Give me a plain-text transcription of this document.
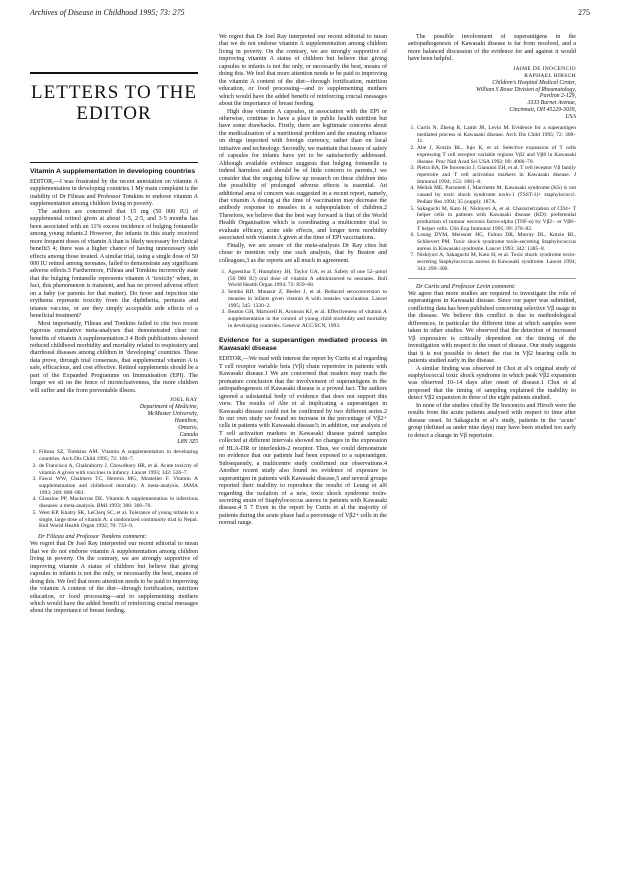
Archives of Disease in Childhood 1995; 73: 275	275
LETTERS TO THE EDITOR
Vitamin A supplementation in developing countries

EDITOR,—I was frustrated by the recent annotation on vitamin A supplementation in developing countries.1 My main complaint is the inability of Dr Filteau and Professor Tomkins to endorse vitamin A supplementation among children living in poverty.

The authors are concerned that 15 mg (50 000 IU) of supplemental retinol given at about 1·5, 2·5, and 3·5 months has been associated with an 11% excess incidence of bulging fontanelle among young infants.2 However, the infants in this study received more frequent doses of vitamin A than is likely necessary for clinical benefit3 4; there was a higher chance of having unnecessary side effects among those treated. A similar trial, using a single dose of 50 000 IU retinol among neonates, failed to demonstrate any significant adverse effects.5 Furthermore, Filteau and Tomkins incorrectly state that the bulging fontanelle represents vitamin A ‘toxicity’ when, in fact, this phenomenon is transient, and has no proved adverse effect on a baby (or parents for that matter). Do fever and injection site erythema represent toxicity from the diphtheria, pertussis and tetanus vaccine, or are they simply acceptable side effects of a beneficial treatment?

Most importantly, Filteau and Tomkins failed to cite two recent rigorous cumulative meta-analyses that demonstrated clear cut benefits of vitamin A supplementation.3 4 Both publications showed reduced childhood morbidity and mortality related to respiratory and diarrhoeal diseases among children in ‘developing’ countries. These data prove, through trial consensus, that supplemental vitamin A is safe, efficacious, and cost effective. Retinol supplements should be a part of the Expanded Programme on Immunisation (EPI). The longer we sit on the fence of inconclusiveness, the more children will suffer and die from preventable illness.

JOEL RAY
Department of Medicine,
McMaster University,
Hamilton,
Ontario,
Canada
L8N 3Z5
1. Filteau SZ, Tomkins AM. Vitamin A supplementation in developing countries. Arch Dis Child 1995; 72: 106–7.
2. de Francisco A, Chakraborty J, Chowdhury HR, et al. Acute toxicity of vitamin A given with vaccines in infancy. Lancet 1993; 342: 526–7.
3. Fawzi WW, Chalmers TC, Herrera MG, Mosteller F. Vitamin A supplementation and childhood mortality. A meta-analysis. JAMA 1993; 269: 898–903.
4. Glasziou PP, Mackerras DE. Vitamin A supplementation in infectious diseases: a meta-analysis. BMJ 1993; 306: 366–70.
5. West KP, Khatry SK, LeClerq SC, et al. Tolerance of young infants to a single, large dose of vitamin A: a randomized community trial in Nepal. Bull World Health Organ 1992; 70: 733–9.

Dr Filteau and Professor Tomkins comment:

We regret that Dr Joel Ray interpreted our recent editorial to mean that we do not endorse vitamin A supplementation among children living in poverty. On the contrary, we are strongly supportive of improving vitamin A status of children but believe that giving capsules to infants is not the only, or necessarily the best, means of doing this. We feel that more attention needs to be paid to improving the vitamin A content of the diet—through fortification, nutrition education, or food processing—and to supplementing mothers which would have the added benefit of reinforcing crucial messages about the importance of breast feeding.

We regret that Dr Joel Ray interpreted our recent editorial to mean that we do not endorse vitamin A supplementation among children living in poverty. On the contrary, we are strongly supportive of improving vitamin A status of children but believe that giving capsules to infants is not the only, or necessarily the best, means of doing this. We feel that more attention needs to be paid to improving the vitamin A content of the diet—through fortification, nutrition education, or food processing—and to supplementing mothers which would have the added benefit of reinforcing crucial messages about the importance of breast feeding.

High dose vitamin A capsules, in association with the EPI or otherwise, continue to have a place in public health nutrition but have some drawbacks. Firstly, there are legitimate concerns about the medicalisation of a nutritional problem and the ensuing reliance on drugs imported with foreign currency, rather than on local initiative and technology. Secondly, we maintain that issues of safety of capsules for infants have yet to be satisfactorily addressed. Although available evidence suggests that bulging fontanelle is indeed harmless and should be of little concern to parents,1 we consider that the ongoing follow up research on these children into the possibility of prolonged adverse effects is essential. An additional area of concern was suggested in a recent report, namely, that vitamin A dosing at the time of vaccination may decrease the antibody response to measles in a subpopulation of children.2 Therefore, we believe that the best way forward is that of the World Health Organisation which is coordinating a multicentre trial to evaluate efficacy, acute side effects, and longer term morbidity associated with vitamin A given at the time of EPI vaccinations.

Finally, we are aware of the meta-analyses Dr Ray cites but chose to mention only one such analysis, that by Beaton and colleagues,3 as the reports are all much in agreement.

1. Agoestina T, Humphrey JH, Taylor GA, et al. Safety of one 52–µmol (50 000 IU) oral dose of vitamin A administered to neonates. Bull World Health Organ 1994; 72: 859–68.
2. Semba RD, Munasir Z, Beeler J, et al. Reduced seroconversion to measles in infants given vitamin A with measles vaccination. Lancet 1995; 345: 1330–2.
3. Beaton GH, Martorell R, Aronson KJ, et al. Effectiveness of vitamin A supplementation in the control of young child morbidity and mortality in developing countries. Geneva: ACC/SCN, 1993.
Evidence for a superantigen mediated process in Kawasaki disease

EDITOR,—We read with interest the report by Curtis et al regarding T cell receptor variable beta (Vβ) chain repertoire in patients with Kawasaki disease.1 We are concerned that readers may reach the premature conclusion that the involvement of superantigens in the aetiopathogenesis of Kawasaki disease is a proved fact. The authors ignored a substantial body of evidence that does not support this view. The results of Abe et al implicating a superantigen in Kawasaki disease could not be confirmed by two different series.2 In our own study we found no increase in the percentage of Vβ2+ cells in patients with Kawasaki disease3; in addition, our analysis of T cell activation markers in Kawasaki disease paired samples collected at different intervals showed no changes in the expression of HLA-DR or interleukin-2 receptor. Thus, we could demonstrate no evidence that our patients had been exposed to a superantigen. Subsequently, a multicentre study confirmed our observations.4 Another recent study also found no evidence of exposure to superantigen in patients with Kawasaki disease,5 and several groups reported their inability to reproduce the results of Leung et al6 regarding the isolation of a new, toxic shock syndrome toxin-secreting strain of Staphylococcus aureus in patients with Kawasaki disease.4 5 7 Even in the report by Curtis et al the majority of patients during the acute phase had a percentage of Vβ2+ cells in the normal range.

The possible involvement of superantigens in the aetiopathogenesis of Kawasaki disease is far from resolved, and a more balanced discussion of the evidence for and against it would have been helpful.

JAIME DE INOCENCIO
RAPHAEL HIRSCH
Children’s Hospital Medical Center,
William S Rowe Division of Rheumatology,
Pavilion 2-129,
3333 Burnet Avenue,
Cincinnati, OH 45229-3039,
USA
1. Curtis N, Zheng R, Lamb JR, Levin M. Evidence for a superantigen mediated process in Kawasaki disease. Arch Dis Child 1995; 72: 308–11.
2. Abe J, Kotzin BL, Jujo K, et al. Selective expansion of T cells expressing T cell receptor variable regions Vβ2 and Vβ8 in Kawasaki disease. Proc Natl Acad Sci USA 1992; 89: 4066–70.
3. Pietra BA, De Inocencio J, Giannini EH, et al. T cell receptor Vβ family repertoire and T cell activation markers in Kawasaki disease. J Immunol 1994; 153: 1881–8.
4. Melish ME, Parsonett J, Marchette M. Kawasaki syndrome (KS) is not caused by toxic shock syndrome toxin-1 (TSST-1)+ staphylococci. Pediatr Res 1994; 35 (suppl): 187A.
5. Sakaguchi M, Kato H, Nishiyori A, et al. Characterization of CD4+ T helper cells in patients with Kawasaki disease (KD): preferential production of tumour necrosis factor-alpha (TNF-α) by Vβ2− or Vβ8− T helper cells. Clin Exp Immunol 1995; 99: 276–82.
6. Leung DYM, Meissner HC, Fulton DR, Murray DL, Kotzin BL, Schlievert PM. Toxic shock syndrome toxin-secreting Staphylococcus aureus in Kawasaki syndrome. Lancet 1993; 342: 1385–8.
7. Nishiyori A, Sakaguchi M, Kato H, et al. Toxic shock syndrome toxin-secreting Staphylococcus aureus in Kawasaki syndrome. Lancet 1994; 343: 299–300.

Dr Curtis and Professor Levin comment:

We agree that more studies are required to investigate the role of superantigens in Kawasaki disease. Since our paper was submitted, conflicting data has been published concerning selective Vβ usage in the disease. We believe this conflict is due to methodological differences, in particular the different time at which samples were taken in other studies. We observed that the detection of increased Vβ expression is critically dependent on the timing of the investigation with respect to the onset of disease. Our study suggests that it is not possible to detect the rise in Vβ2 bearing cells in patients studied early in the disease.

A similar finding was observed in Choi et al’s original study of staphylococcal toxic shock syndrome in which peak Vβ2 expansion was observed 10–14 days after onset of disease.1 Choi et al proposed that the timing of sampling explained the inability to detect Vβ2 expansion in three of the eight patients studied.

In none of the studies cited by De Inocencio and Hirsch were the results from the acute patients analysed with respect to time after disease onset. In Sakaguchi et al’s study, patients in the ‘acute’ group (defined as under nine days) may have been studied too early to detect a change in Vβ repertoire.
